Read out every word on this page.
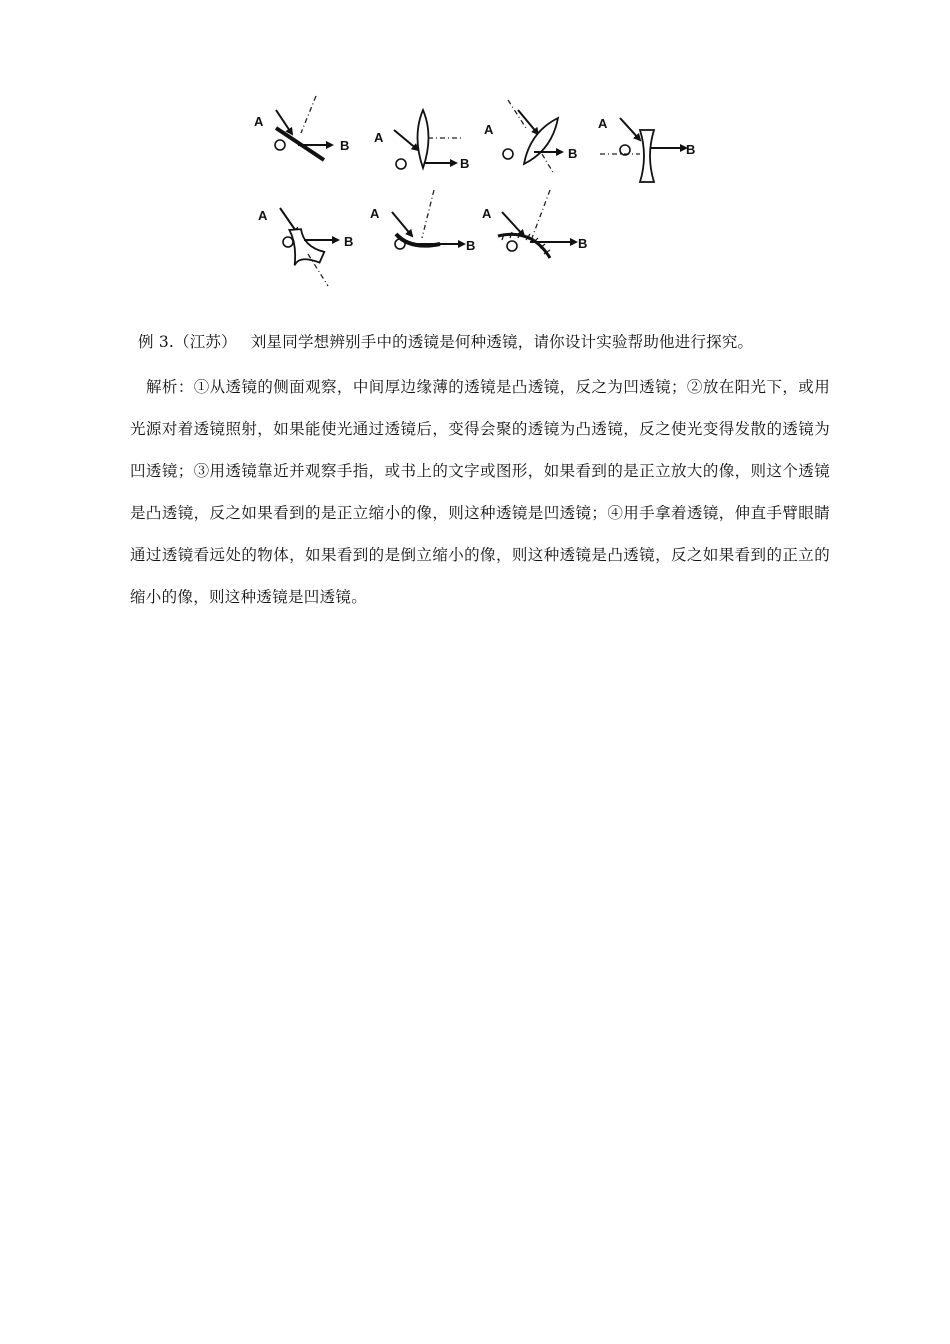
A
B
A
B
A
B
A
B
A
B
A
B
A
B
例 3.（江苏） 刘星同学想辨别手中的透镜是何种透镜，请你设计实验帮助他进行探究。
解析：①从透镜的侧面观察，中间厚边缘薄的透镜是凸透镜，反之为凹透镜；②放在阳光下，或用光源对着透镜照射，如果能使光通过透镜后，变得会聚的透镜为凸透镜，反之使光变得发散的透镜为凹透镜；③用透镜靠近并观察手指，或书上的文字或图形，如果看到的是正立放大的像，则这个透镜是凸透镜，反之如果看到的是正立缩小的像，则这种透镜是凹透镜；④用手拿着透镜，伸直手臂眼睛通过透镜看远处的物体，如果看到的是倒立缩小的像，则这种透镜是凸透镜，反之如果看到的正立的缩小的像，则这种透镜是凹透镜。
